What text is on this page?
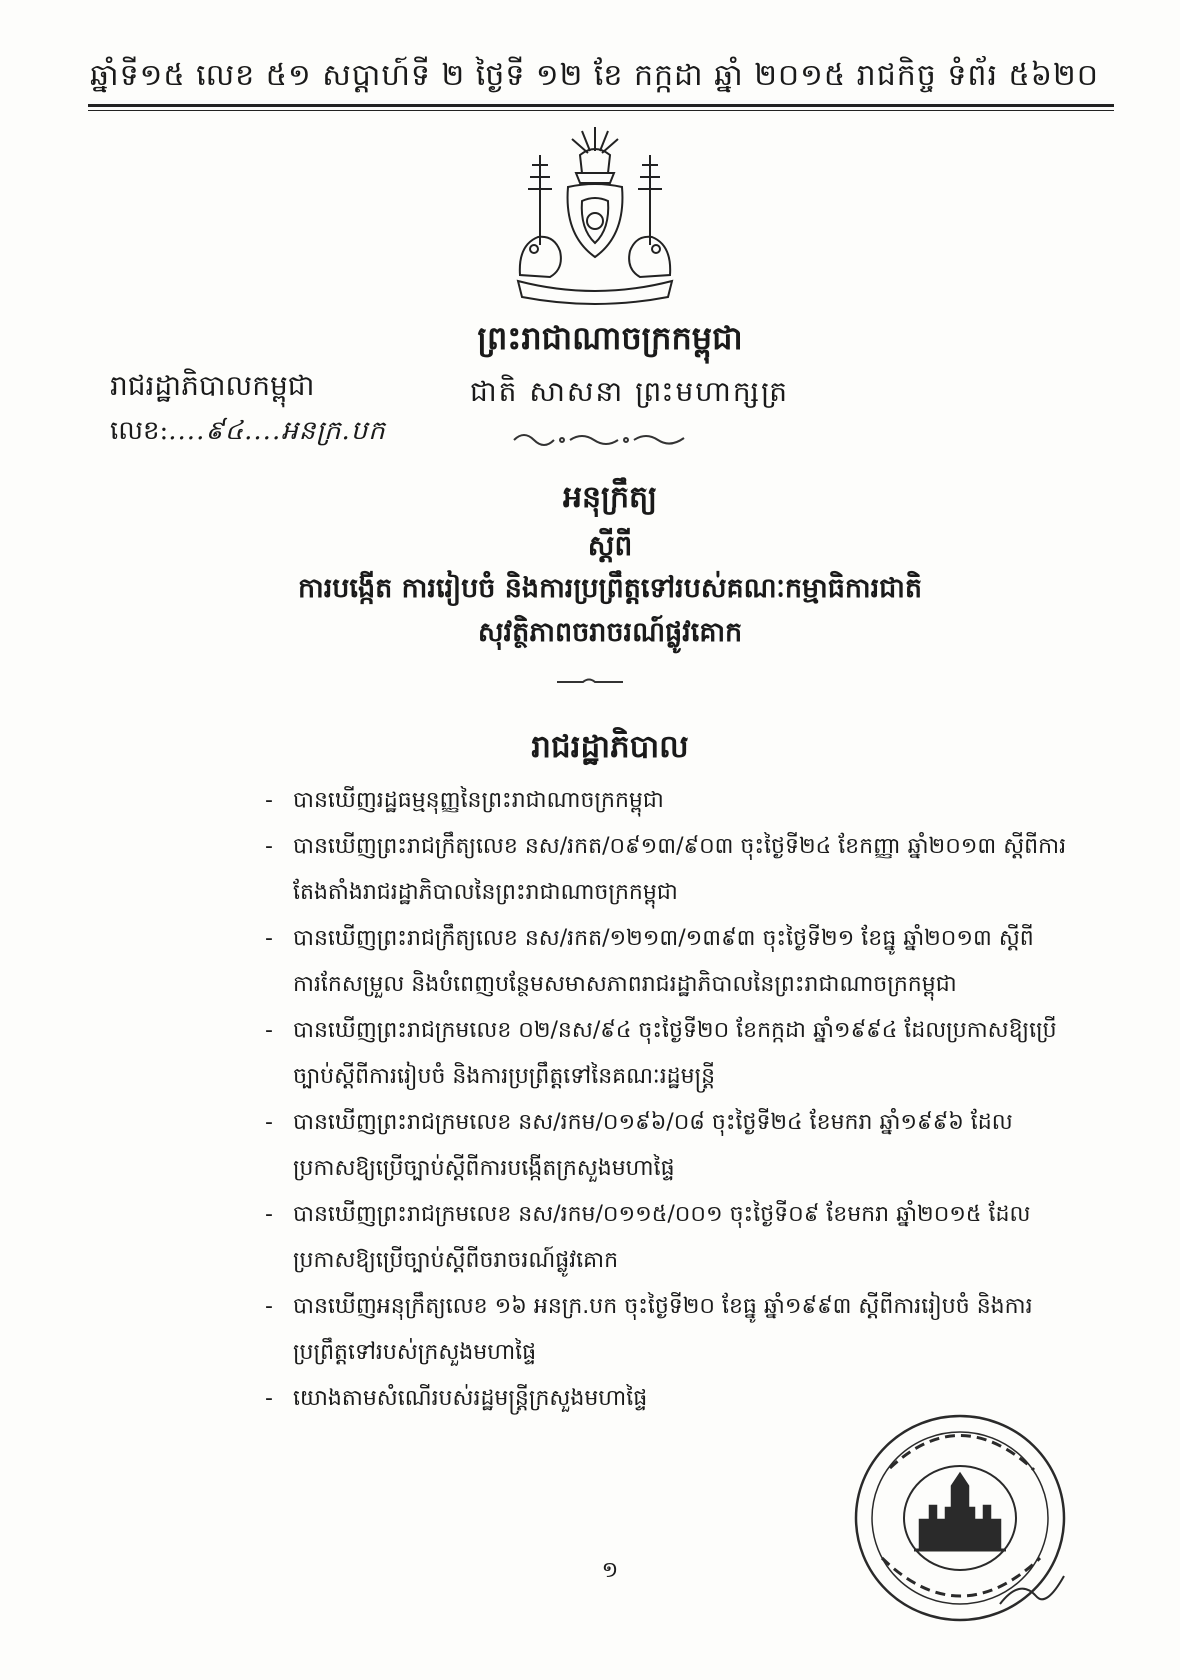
ឆ្នាំទី១៥ លេខ ៥១ សប្តាហ៍ទី ២ ថ្ងៃទី ១២ ខែ កក្កដា ឆ្នាំ ២០១៥ រាជកិច្ច ទំព័រ ៥៦២០
ព្រះរាជាណាចក្រកម្ពុជា
រាជរដ្ឋាភិបាលកម្ពុជា	ជាតិ សាសនា ព្រះមហាក្សត្រ
លេខ:....៩៤....អនក្រ.បក
អនុក្រឹត្យ
ស្តីពី
ការបង្កើត ការរៀបចំ និងការប្រព្រឹត្តទៅរបស់គណៈកម្មាធិការជាតិ
សុវត្ថិភាពចរាចរណ៍ផ្លូវគោក
រាជរដ្ឋាភិបាល
- បានឃើញរដ្ឋធម្មនុញ្ញនៃព្រះរាជាណាចក្រកម្ពុជា
- បានឃើញព្រះរាជក្រឹត្យលេខ នស/រកត/០៩១៣/៩០៣ ចុះថ្ងៃទី២៤ ខែកញ្ញា ឆ្នាំ២០១៣ ស្តីពីការតែងតាំងរាជរដ្ឋាភិបាលនៃព្រះរាជាណាចក្រកម្ពុជា
- បានឃើញព្រះរាជក្រឹត្យលេខ នស/រកត/១២១៣/១៣៩៣ ចុះថ្ងៃទី២១ ខែធ្នូ ឆ្នាំ២០១៣ ស្តីពីការកែសម្រួល និងបំពេញបន្ថែមសមាសភាពរាជរដ្ឋាភិបាលនៃព្រះរាជាណាចក្រកម្ពុជា
- បានឃើញព្រះរាជក្រមលេខ ០២/នស/៩៤ ចុះថ្ងៃទី២០ ខែកក្កដា ឆ្នាំ១៩៩៤ ដែលប្រកាសឱ្យប្រើច្បាប់ស្តីពីការរៀបចំ និងការប្រព្រឹត្តទៅនៃគណៈរដ្ឋមន្ត្រី
- បានឃើញព្រះរាជក្រមលេខ នស/រកម/០១៩៦/០៨ ចុះថ្ងៃទី២៤ ខែមករា ឆ្នាំ១៩៩៦ ដែលប្រកាសឱ្យប្រើច្បាប់ស្តីពីការបង្កើតក្រសួងមហាផ្ទៃ
- បានឃើញព្រះរាជក្រមលេខ នស/រកម/០១១៥/០០១ ចុះថ្ងៃទី០៩ ខែមករា ឆ្នាំ២០១៥ ដែលប្រកាសឱ្យប្រើច្បាប់ស្តីពីចរាចរណ៍ផ្លូវគោក
- បានឃើញអនុក្រឹត្យលេខ ១៦ អនក្រ.បក ចុះថ្ងៃទី២០ ខែធ្នូ ឆ្នាំ១៩៩៣ ស្តីពីការរៀបចំ និងការប្រព្រឹត្តទៅរបស់ក្រសួងមហាផ្ទៃ
- យោងតាមសំណើរបស់រដ្ឋមន្ត្រីក្រសួងមហាផ្ទៃ
១
